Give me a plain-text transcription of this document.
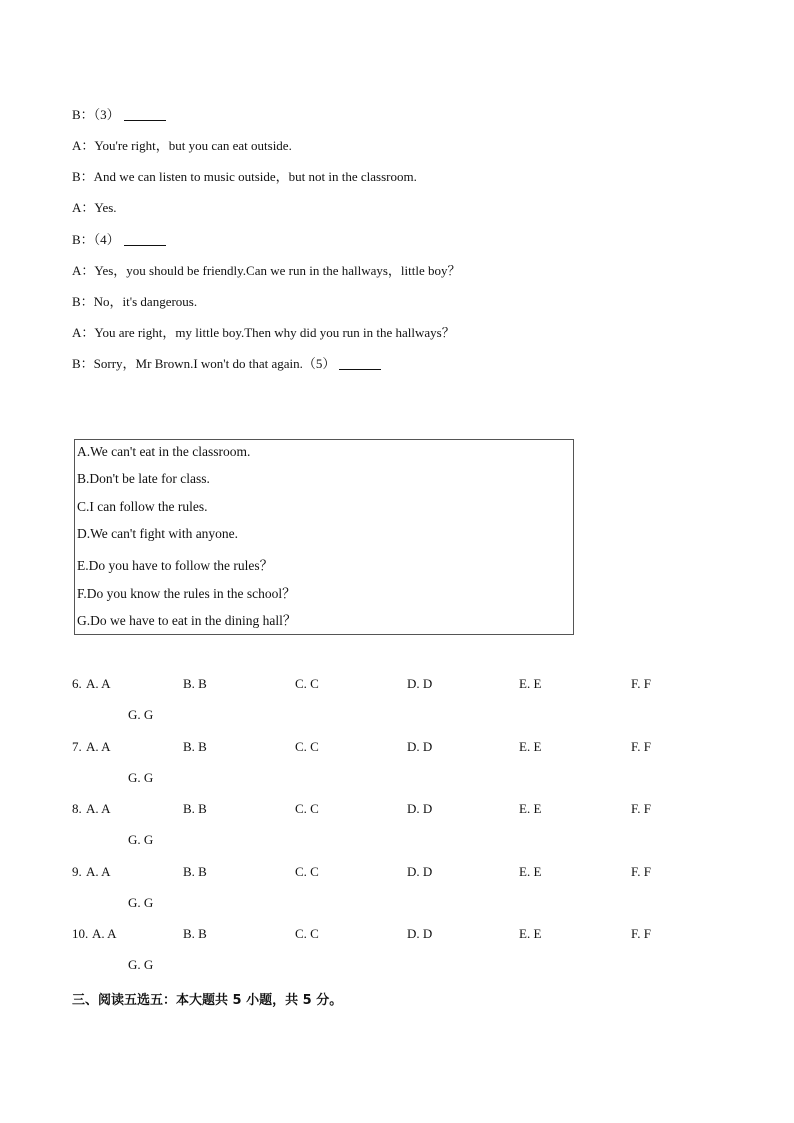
B：（3）
A：You're right，but you can eat outside.
B：And we can listen to music outside，but not in the classroom.
A：Yes.
B：（4）
A：Yes，you should be friendly.Can we run in the hallways，little boy？
B：No，it's dangerous.
A：You are right，my little boy.Then why did you run in the hallways？
B：Sorry，Mr Brown.I won't do that again.（5）
A.We can't eat in the classroom.
B.Don't be late for class.
C.I can follow the rules.
D.We can't fight with anyone.
E.Do you have to follow the rules？
F.Do you know the rules in the school？
G.Do we have to eat in the dining hall？
6. A. A	B. B	C. C	D. D	E. E	F. F
G. G
7. A. A	B. B	C. C	D. D	E. E	F. F
G. G
8. A. A	B. B	C. C	D. D	E. E	F. F
G. G
9. A. A	B. B	C. C	D. D	E. E	F. F
G. G
10. A. A	B. B	C. C	D. D	E. E	F. F
G. G
三、阅读五选五：本大题共 5 小题，共 5 分。
